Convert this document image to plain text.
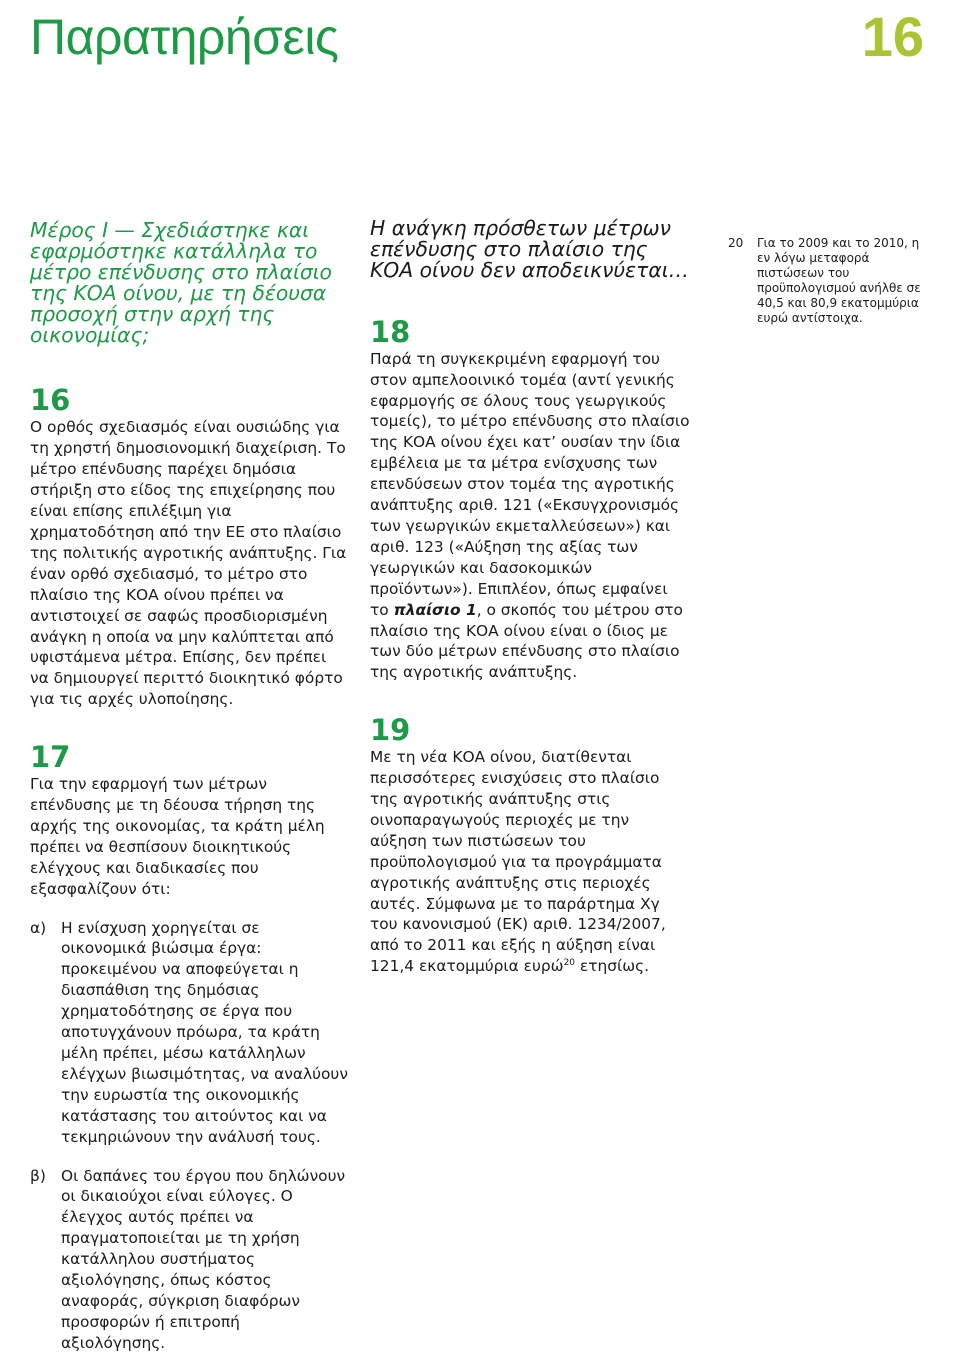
Παρατηρήσεις	16
Μέρος I — Σχεδιάστηκε και εφαρμόστηκε κατάλληλα το μέτρο επένδυσης στο πλαίσιο της ΚΟΑ οίνου, με τη δέουσα προσοχή στην αρχή της οικονομίας;
16

Ο ορθός σχεδιασμός είναι ουσιώδης για τη χρηστή δημοσιονομική διαχείριση. Το μέτρο επένδυσης παρέχει δημόσια στήριξη στο είδος της επιχείρησης που είναι επίσης επιλέξιμη για χρηματοδότηση από την ΕΕ στο πλαίσιο της πολιτικής αγροτικής ανάπτυξης. Για έναν ορθό σχεδιασμό, το μέτρο στο πλαίσιο της ΚΟΑ οίνου πρέπει να αντιστοιχεί σε σαφώς προσδιορισμένη ανάγκη η οποία να μην καλύπτεται από υφιστάμενα μέτρα. Επίσης, δεν πρέπει να δημιουργεί περιττό διοικητικό φόρτο για τις αρχές υλοποίησης.

17

Για την εφαρμογή των μέτρων επένδυσης με τη δέουσα τήρηση της αρχής της οικονομίας, τα κράτη μέλη πρέπει να θεσπίσουν διοικητικούς ελέγχους και διαδικασίες που εξασφαλίζουν ότι:

α) Η ενίσχυση χορηγείται σε οικονομικά βιώσιμα έργα: προκειμένου να αποφεύγεται η διασπάθιση της δημόσιας χρηματοδότησης σε έργα που αποτυγχάνουν πρόωρα, τα κράτη μέλη πρέπει, μέσω κατάλληλων ελέγχων βιωσιμότητας, να αναλύουν την ευρωστία της οικονομικής κατάστασης του αιτούντος και να τεκμηριώνουν την ανάλυσή τους.
β) Οι δαπάνες του έργου που δηλώνουν οι δικαιούχοι είναι εύλογες. Ο έλεγχος αυτός πρέπει να πραγματοποιείται με τη χρήση κατάλληλου συστήματος αξιολόγησης, όπως κόστος αναφοράς, σύγκριση διαφόρων προσφορών ή επιτροπή αξιολόγησης.
Η ανάγκη πρόσθετων μέτρων επένδυσης στο πλαίσιο της ΚΟΑ οίνου δεν αποδεικνύεται…
18

Παρά τη συγκεκριμένη εφαρμογή του στον αμπελοοινικό τομέα (αντί γενικής εφαρμογής σε όλους τους γεωργικούς τομείς), το μέτρο επένδυσης στο πλαίσιο της ΚΟΑ οίνου έχει κατ’ ουσίαν την ίδια εμβέλεια με τα μέτρα ενίσχυσης των επενδύσεων στον τομέα της αγροτικής ανάπτυξης αριθ. 121 («Εκσυγχρονισμός των γεωργικών εκμεταλλεύσεων») και αριθ. 123 («Αύξηση της αξίας των γεωργικών και δασοκομικών προϊόντων»). Επιπλέον, όπως εμφαίνει το πλαίσιο 1, ο σκοπός του μέτρου στο πλαίσιο της ΚΟΑ οίνου είναι ο ίδιος με των δύο μέτρων επένδυσης στο πλαίσιο της αγροτικής ανάπτυξης.

19

Με τη νέα ΚΟΑ οίνου, διατίθενται περισσότερες ενισχύσεις στο πλαίσιο της αγροτικής ανάπτυξης στις οινοπαραγωγούς περιοχές με την αύξηση των πιστώσεων του προϋπολογισμού για τα προγράμματα αγροτικής ανάπτυξης στις περιοχές αυτές. Σύμφωνα με το παράρτημα Χγ του κανονισμού (ΕΚ) αριθ. 1234/2007, από το 2011 και εξής η αύξηση είναι 121,4 εκατομμύρια ευρώ$^{20}$ ετησίως.

20	Για το 2009 και το 2010, η εν λόγω μεταφορά πιστώσεων του προϋπολογισμού ανήλθε σε 40,5 και 80,9 εκατομμύρια ευρώ αντίστοιχα.
